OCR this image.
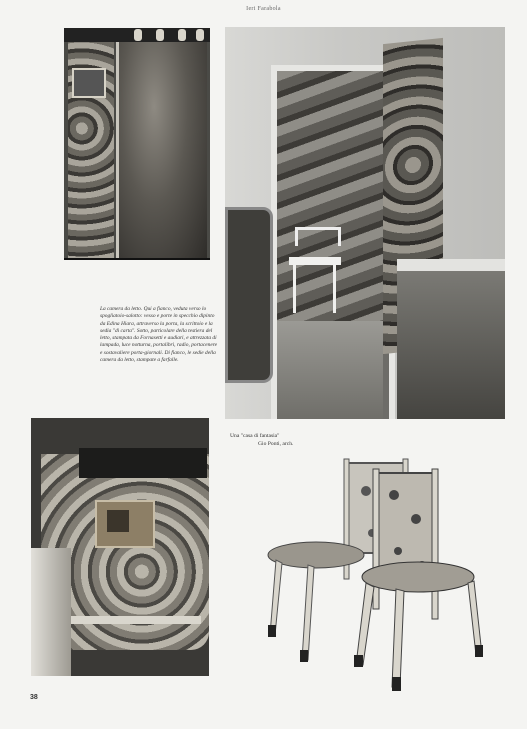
Ieri Farabola
La camera da letto. Qui a fianco, veduta verso lo spogliatoio-salotto: vesso e porte in specchio dipinto da Edina Hiara, attraverso la porta, la scrittoio e la sedia "di carta". Sotto, particolare della testiera del letto, stampata da Fornasetti e audiari, e attrezzata di lampada, luce notturna, portalibri, radio, portacenere e sostavaliere porta-giornali. Di fianco, le sedie della camera da letto, stampate a farfalle.
Una "casa di fantasia"
Gio Ponti, arch.
38
